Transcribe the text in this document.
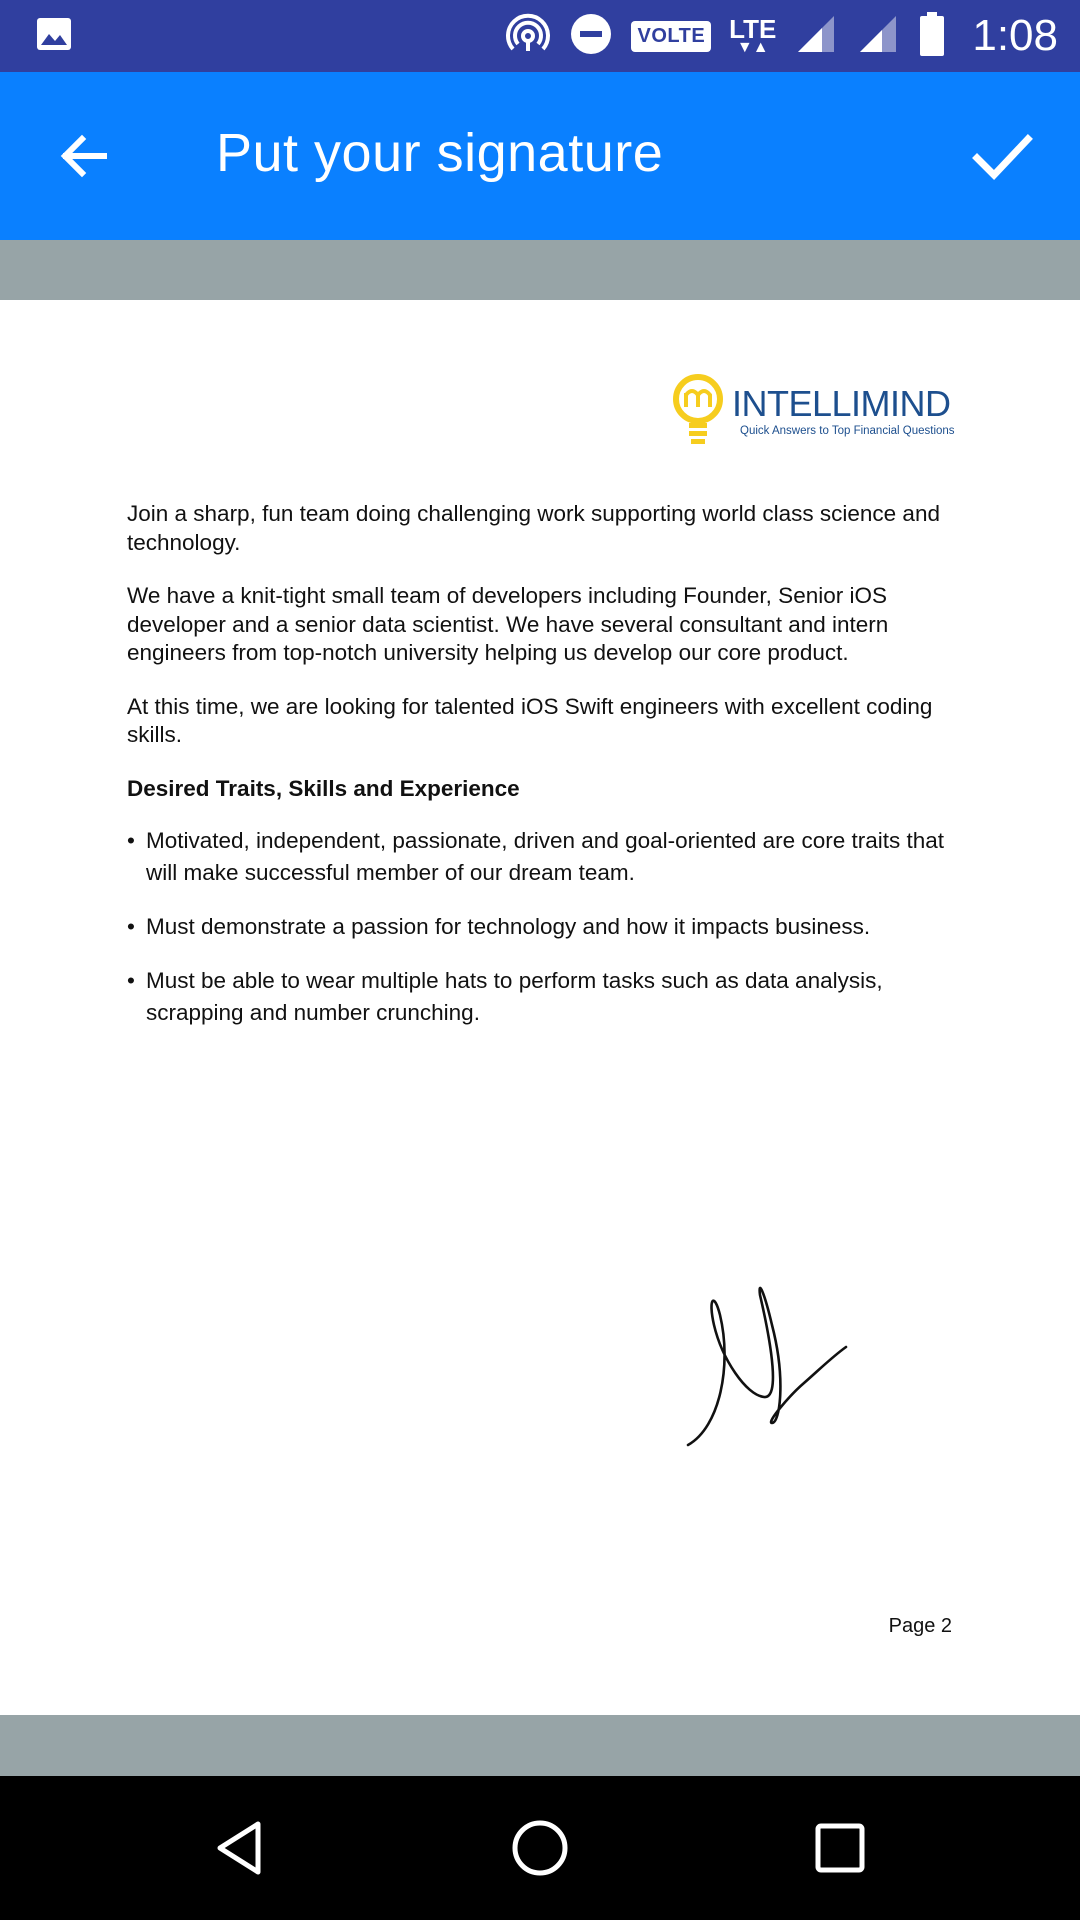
VOLTE LTE
▼▲	1:08
Put your signature
INTELLIMIND
Quick Answers to Top Financial Questions

Join a sharp, fun team doing challenging work supporting world class science and technology.

We have a knit-tight small team of developers including Founder, Senior iOS developer and a senior data scientist. We have several consultant and intern engineers from top-notch university helping us develop our core product.

At this time, we are looking for talented iOS Swift engineers with excellent coding skills.

Desired Traits, Skills and Experience
• Motivated, independent, passionate, driven and goal-oriented are core traits that will make successful member of our dream team.
• Must demonstrate a passion for technology and how it impacts business.
• Must be able to wear multiple hats to perform tasks such as data analysis, scrapping and number crunching.
Page 2
